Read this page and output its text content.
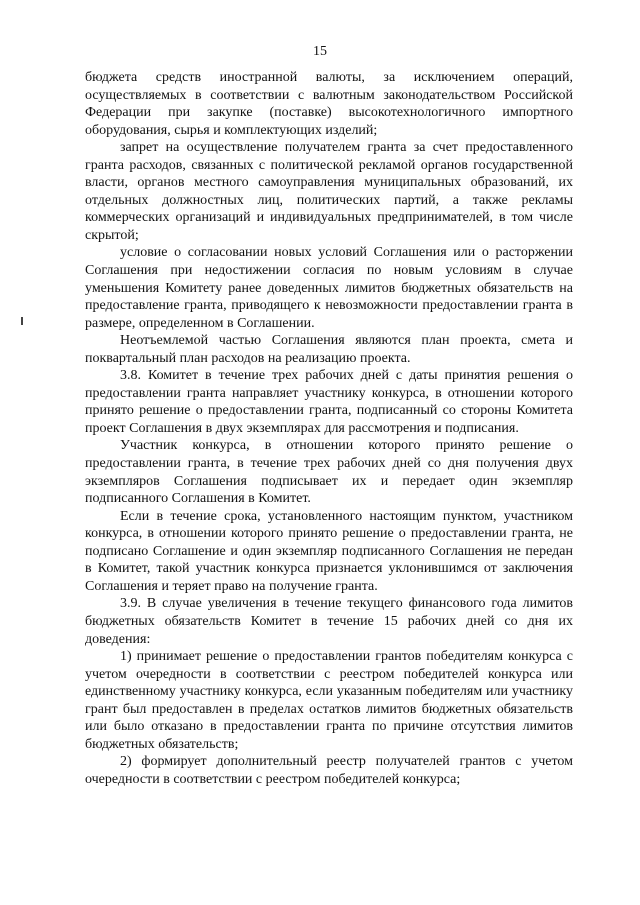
15

бюджета средств иностранной валюты, за исключением операций, осуществляемых в соответствии с валютным законодательством Российской Федерации при закупке (поставке) высокотехнологичного импортного оборудования, сырья и комплектующих изделий;

запрет на осуществление получателем гранта за счет предоставленного гранта расходов, связанных с политической рекламой органов государственной власти, органов местного самоуправления муниципальных образований, их отдельных должностных лиц, политических партий, а также рекламы коммерческих организаций и индивидуальных предпринимателей, в том числе скрытой;

условие о согласовании новых условий Соглашения или о расторжении Соглашения при недостижении согласия по новым условиям в случае уменьшения Комитету ранее доведенных лимитов бюджетных обязательств на предоставление гранта, приводящего к невозможности предоставлении гранта в размере, определенном в Соглашении.

Неотъемлемой частью Соглашения являются план проекта, смета и поквартальный план расходов на реализацию проекта.

3.8. Комитет в течение трех рабочих дней с даты принятия решения о предоставлении гранта направляет участнику конкурса, в отношении которого принято решение о предоставлении гранта, подписанный со стороны Комитета проект Соглашения в двух экземплярах для рассмотрения и подписания.

Участник конкурса, в отношении которого принято решение о предоставлении гранта, в течение трех рабочих дней со дня получения двух экземпляров Соглашения подписывает их и передает один экземпляр подписанного Соглашения в Комитет.

Если в течение срока, установленного настоящим пунктом, участником конкурса, в отношении которого принято решение о предоставлении гранта, не подписано Соглашение и один экземпляр подписанного Соглашения не передан в Комитет, такой участник конкурса признается уклонившимся от заключения Соглашения и теряет право на получение гранта.

3.9. В случае увеличения в течение текущего финансового года лимитов бюджетных обязательств Комитет в течение 15 рабочих дней со дня их доведения:

1) принимает решение о предоставлении грантов победителям конкурса с учетом очередности в соответствии с реестром победителей конкурса или единственному участнику конкурса, если указанным победителям или участнику грант был предоставлен в пределах остатков лимитов бюджетных обязательств или было отказано в предоставлении гранта по причине отсутствия лимитов бюджетных обязательств;

2) формирует дополнительный реестр получателей грантов с учетом очередности в соответствии с реестром победителей конкурса;
